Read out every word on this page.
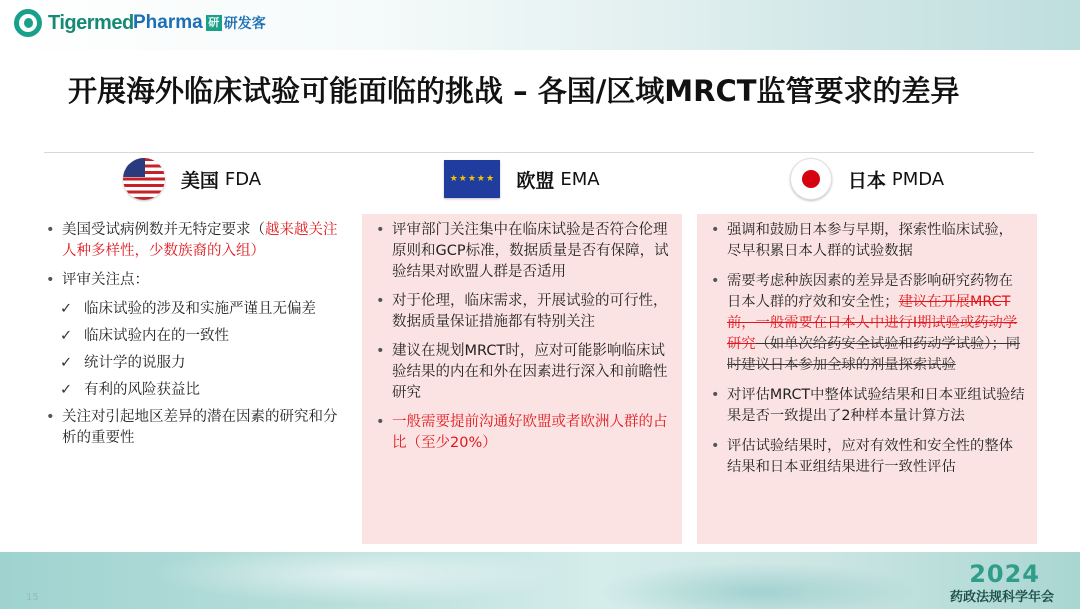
Tigermed Pharma 研 研发客
开展海外临床试验可能面临的挑战 – 各国/区域MRCT监管要求的差异
美国 FDA
• 美国受试病例数并无特定要求（越来越关注人种多样性，少数族裔的入组）
• 评审关注点：
✓ 临床试验的涉及和实施严谨且无偏差
✓ 临床试验内在的一致性
✓ 统计学的说服力
✓ 有利的风险获益比
• 关注对引起地区差异的潜在因素的研究和分析的重要性
★★★★★ 欧盟 EMA
• 评审部门关注集中在临床试验是否符合伦理原则和GCP标准，数据质量是否有保障，试验结果对欧盟人群是否适用
• 对于伦理，临床需求，开展试验的可行性，数据质量保证措施都有特别关注
• 建议在规划MRCT时，应对可能影响临床试验结果的内在和外在因素进行深入和前瞻性研究
• 一般需要提前沟通好欧盟或者欧洲人群的占比（至少20%）
日本 PMDA
• 强调和鼓励日本参与早期，探索性临床试验，尽早积累日本人群的试验数据
• 需要考虑种族因素的差异是否影响研究药物在日本人群的疗效和安全性；建议在开展MRCT前，一般需要在日本人中进行I期试验或药动学研究（如单次给药安全试验和药动学试验）；同时建议日本参加全球的剂量探索试验
• 对评估MRCT中整体试验结果和日本亚组试验结果是否一致提出了2种样本量计算方法
• 评估试验结果时，应对有效性和安全性的整体结果和日本亚组结果进行一致性评估
15
2024
药政法规科学年会
